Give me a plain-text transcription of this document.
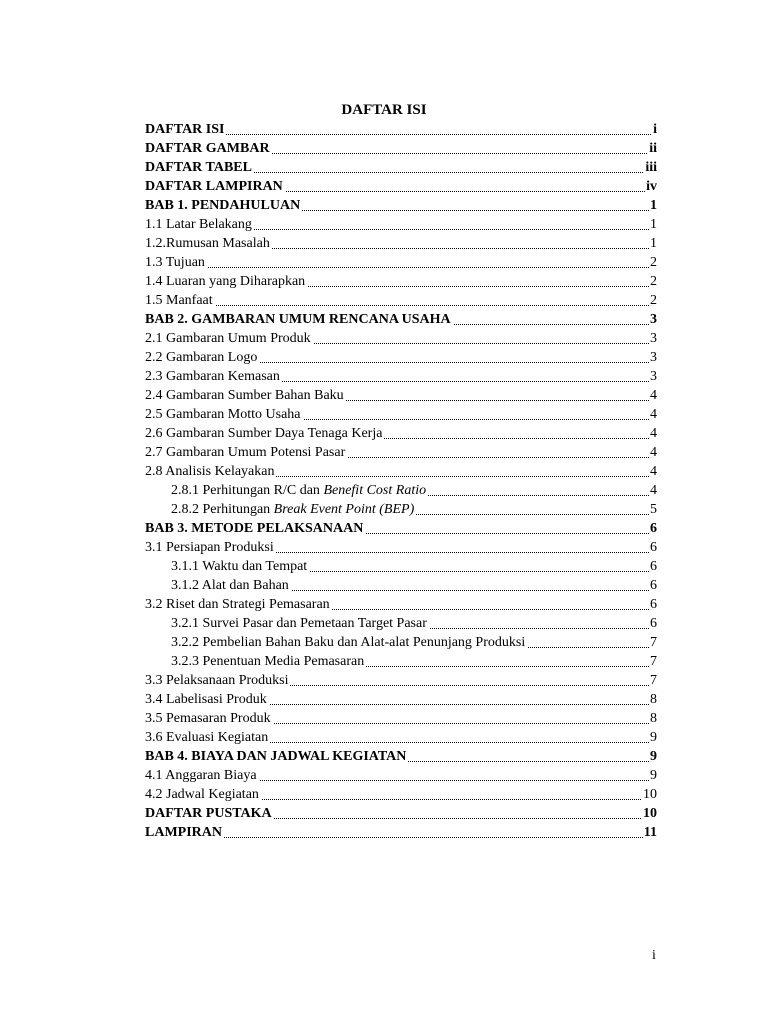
DAFTAR ISI
DAFTAR ISI	i
DAFTAR GAMBAR	ii
DAFTAR TABEL	iii
DAFTAR LAMPIRAN	iv
BAB 1. PENDAHULUAN	1
1.1 Latar Belakang	1
1.2.Rumusan Masalah	1
1.3 Tujuan	2
1.4 Luaran yang Diharapkan	2
1.5 Manfaat	2
BAB 2. GAMBARAN UMUM RENCANA USAHA	3
2.1 Gambaran Umum Produk	3
2.2 Gambaran Logo	3
2.3 Gambaran Kemasan	3
2.4 Gambaran Sumber Bahan Baku	4
2.5 Gambaran Motto Usaha	4
2.6 Gambaran Sumber Daya Tenaga Kerja	4
2.7 Gambaran Umum Potensi Pasar	4
2.8 Analisis Kelayakan	4
2.8.1 Perhitungan R/C dan Benefit Cost Ratio	4
2.8.2 Perhitungan Break Event Point (BEP)	5
BAB 3. METODE PELAKSANAAN	6
3.1 Persiapan Produksi	6
3.1.1 Waktu dan Tempat	6
3.1.2 Alat dan Bahan	6
3.2 Riset dan Strategi Pemasaran	6
3.2.1 Survei Pasar dan Pemetaan Target Pasar	6
3.2.2 Pembelian Bahan Baku dan Alat-alat Penunjang Produksi	7
3.2.3 Penentuan Media Pemasaran	7
3.3 Pelaksanaan Produksi	7
3.4 Labelisasi Produk	8
3.5 Pemasaran Produk	8
3.6 Evaluasi Kegiatan	9
BAB 4. BIAYA DAN JADWAL KEGIATAN	9
4.1 Anggaran Biaya	9
4.2 Jadwal Kegiatan	10
DAFTAR PUSTAKA	10
LAMPIRAN	11
i
